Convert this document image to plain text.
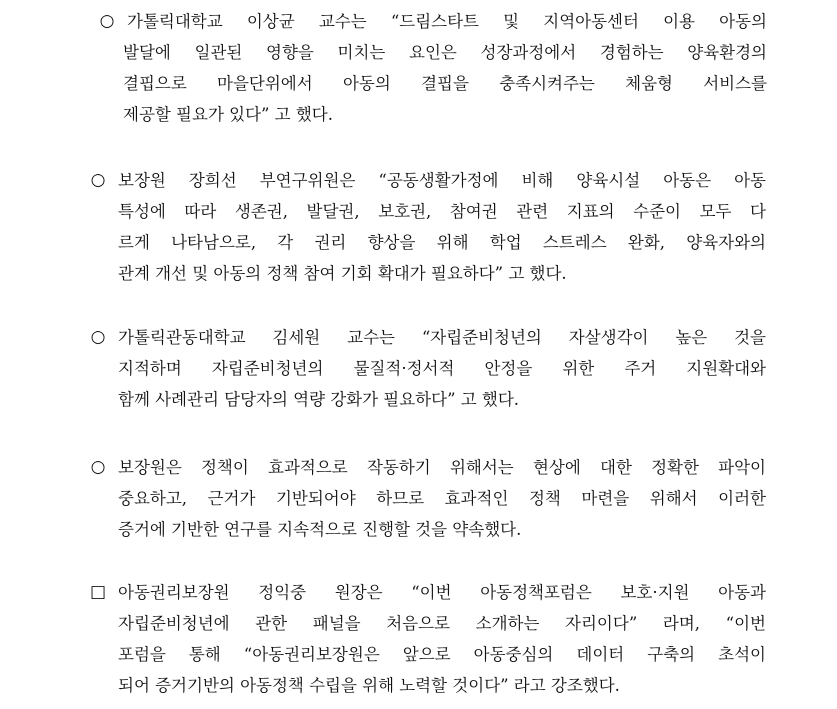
○ 가톨릭대학교 이상균 교수는 “드림스타트 및 지역아동센터 이용 아동의
발달에 일관된 영향을 미치는 요인은 성장과정에서 경험하는 양육환경의
결핍으로 마을단위에서 아동의 결핍을 충족시켜주는 체움형 서비스를
제공할 필요가 있다” 고 했다.
○ 보장원 장희선 부연구위원은 “공동생활가정에 비해 양육시설 아동은 아동
특성에 따라 생존권, 발달권, 보호권, 참여권 관련 지표의 수준이 모두 다
르게 나타남으로, 각 권리 향상을 위해 학업 스트레스 완화, 양육자와의
관계 개선 및 아동의 정책 참여 기회 확대가 필요하다” 고 했다.
○ 가톨릭관동대학교 김세원 교수는 “자립준비청년의 자살생각이 높은 것을
지적하며 자립준비청년의 물질적·정서적 안정을 위한 주거 지원확대와
함께 사례관리 담당자의 역량 강화가 필요하다” 고 했다.
○ 보장원은 정책이 효과적으로 작동하기 위해서는 현상에 대한 정확한 파악이
중요하고, 근거가 기반되어야 하므로 효과적인 정책 마련을 위해서 이러한
증거에 기반한 연구를 지속적으로 진행할 것을 약속했다.
□ 아동권리보장원 정익중 원장은 “이번 아동정책포럼은 보호·지원 아동과
자립준비청년에 관한 패널을 처음으로 소개하는 자리이다” 라며, “이번
포럼을 통해 “아동권리보장원은 앞으로 아동중심의 데이터 구축의 초석이
되어 증거기반의 아동정책 수립을 위해 노력할 것이다” 라고 강조했다.
